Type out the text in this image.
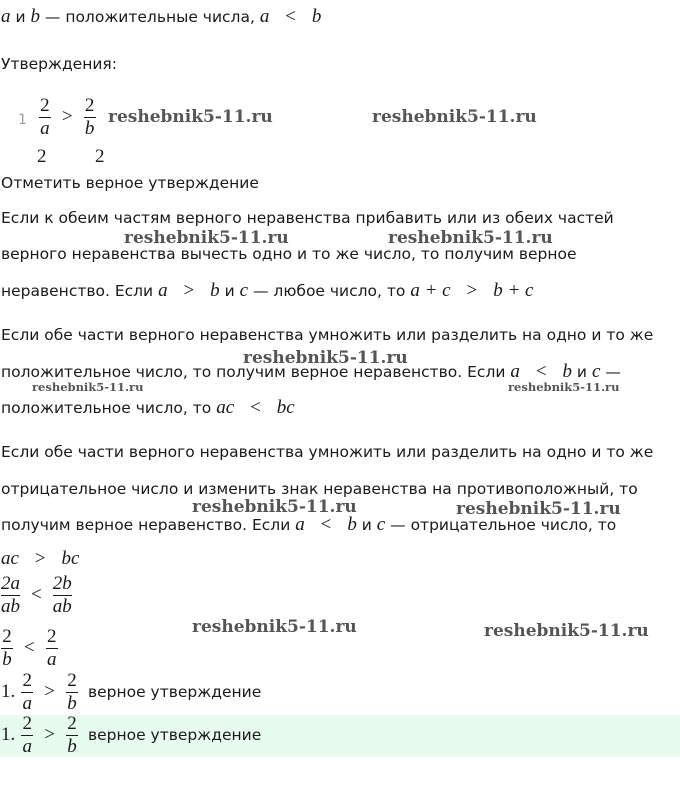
a и b — положительные числа, a < b
Утверждения:
$1 \frac{2}{a} > \frac{2}{b}$
2	2
Отметить верное утверждение
Если к обеим частям верного неравенства прибавить или из обеих частей
верного неравенства вычесть одно и то же число, то получим верное
неравенство. Если a > b и c — любое число, то a + c > b + c
Если обе части верного неравенства умножить или разделить на одно и то же
положительное число, то получим верное неравенство. Если a < b и c —
положительное число, то ac < bc
Если обе части верного неравенства умножить или разделить на одно и то же
отрицательное число и изменить знак неравенства на противоположный, то
получим верное неравенство. Если a < b и c — отрицательное число, то
ac > bc
$\frac{2a}{ab} < \frac{2b}{ab}$
$\frac{2}{b} < \frac{2}{a}$
1. $\frac{2}{a} > \frac{2}{b}$ верное утверждение
1. $\frac{2}{a} > \frac{2}{b}$ верное утверждение
reshebnik5-11.ru	reshebnik5-11.ru
reshebnik5-11.ru	reshebnik5-11.ru
reshebnik5-11.ru
reshebnik5-11.ru	reshebnik5-11.ru
reshebnik5-11.ru	reshebnik5-11.ru
reshebnik5-11.ru	reshebnik5-11.ru
